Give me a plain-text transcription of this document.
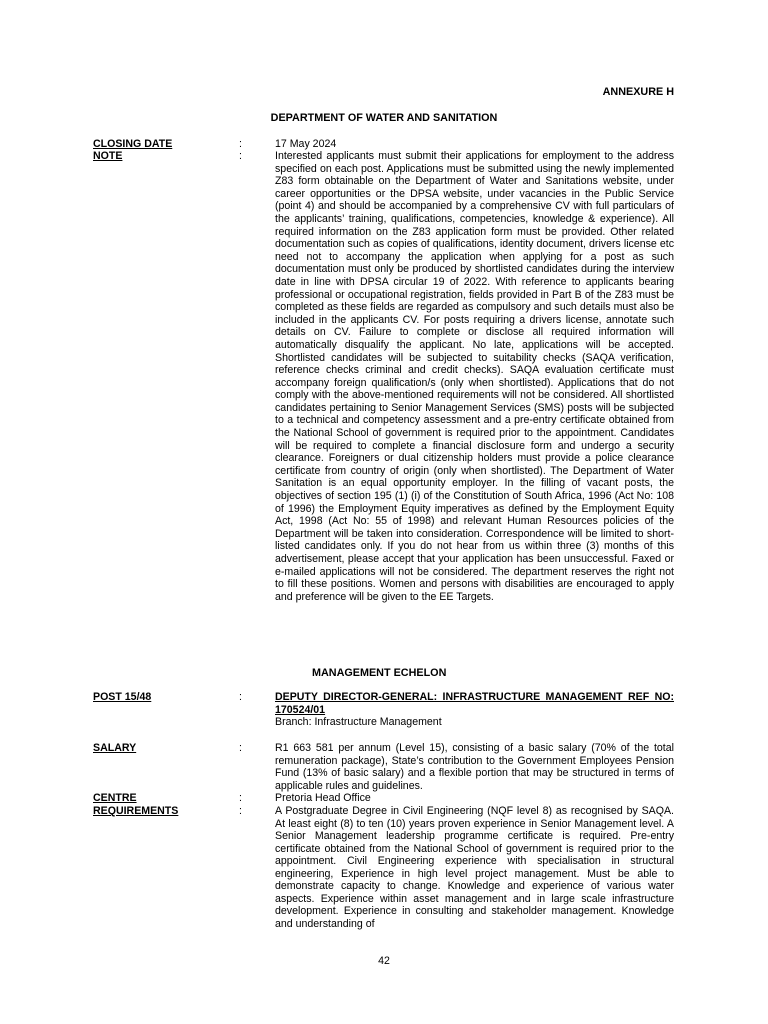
ANNEXURE H
DEPARTMENT OF WATER AND SANITATION
CLOSING DATE	:	17 May 2024
NOTE	:	Interested applicants must submit their applications for employment to the address specified on each post. Applications must be submitted using the newly implemented Z83 form obtainable on the Department of Water and Sanitations website, under career opportunities or the DPSA website, under vacancies in the Public Service (point 4) and should be accompanied by a comprehensive CV with full particulars of the applicants’ training, qualifications, competencies, knowledge & experience). All required information on the Z83 application form must be provided. Other related documentation such as copies of qualifications, identity document, drivers license etc need not to accompany the application when applying for a post as such documentation must only be produced by shortlisted candidates during the interview date in line with DPSA circular 19 of 2022. With reference to applicants bearing professional or occupational registration, fields provided in Part B of the Z83 must be completed as these fields are regarded as compulsory and such details must also be included in the applicants CV. For posts requiring a drivers license, annotate such details on CV. Failure to complete or disclose all required information will automatically disqualify the applicant. No late, applications will be accepted. Shortlisted candidates will be subjected to suitability checks (SAQA verification, reference checks criminal and credit checks). SAQA evaluation certificate must accompany foreign qualification/s (only when shortlisted). Applications that do not comply with the above-mentioned requirements will not be considered. All shortlisted candidates pertaining to Senior Management Services (SMS) posts will be subjected to a technical and competency assessment and a pre-entry certificate obtained from the National School of government is required prior to the appointment. Candidates will be required to complete a financial disclosure form and undergo a security clearance. Foreigners or dual citizenship holders must provide a police clearance certificate from country of origin (only when shortlisted). The Department of Water Sanitation is an equal opportunity employer. In the filling of vacant posts, the objectives of section 195 (1) (i) of the Constitution of South Africa, 1996 (Act No: 108 of 1996) the Employment Equity imperatives as defined by the Employment Equity Act, 1998 (Act No: 55 of 1998) and relevant Human Resources policies of the Department will be taken into consideration. Correspondence will be limited to short-listed candidates only. If you do not hear from us within three (3) months of this advertisement, please accept that your application has been unsuccessful. Faxed or e-mailed applications will not be considered. The department reserves the right not to fill these positions. Women and persons with disabilities are encouraged to apply and preference will be given to the EE Targets.
MANAGEMENT ECHELON
POST 15/48	:	DEPUTY DIRECTOR-GENERAL: INFRASTRUCTURE MANAGEMENT REF NO: 170524/01
Branch: Infrastructure Management
SALARY	:	R1 663 581 per annum (Level 15), consisting of a basic salary (70% of the total remuneration package), State’s contribution to the Government Employees Pension Fund (13% of basic salary) and a flexible portion that may be structured in terms of applicable rules and guidelines.
CENTRE	:	Pretoria Head Office
REQUIREMENTS	:	A Postgraduate Degree in Civil Engineering (NQF level 8) as recognised by SAQA. At least eight (8) to ten (10) years proven experience in Senior Management level. A Senior Management leadership programme certificate is required. Pre-entry certificate obtained from the National School of government is required prior to the appointment. Civil Engineering experience with specialisation in structural engineering, Experience in high level project management. Must be able to demonstrate capacity to change. Knowledge and experience of various water aspects. Experience within asset management and in large scale infrastructure development. Experience in consulting and stakeholder management. Knowledge and understanding of
42
